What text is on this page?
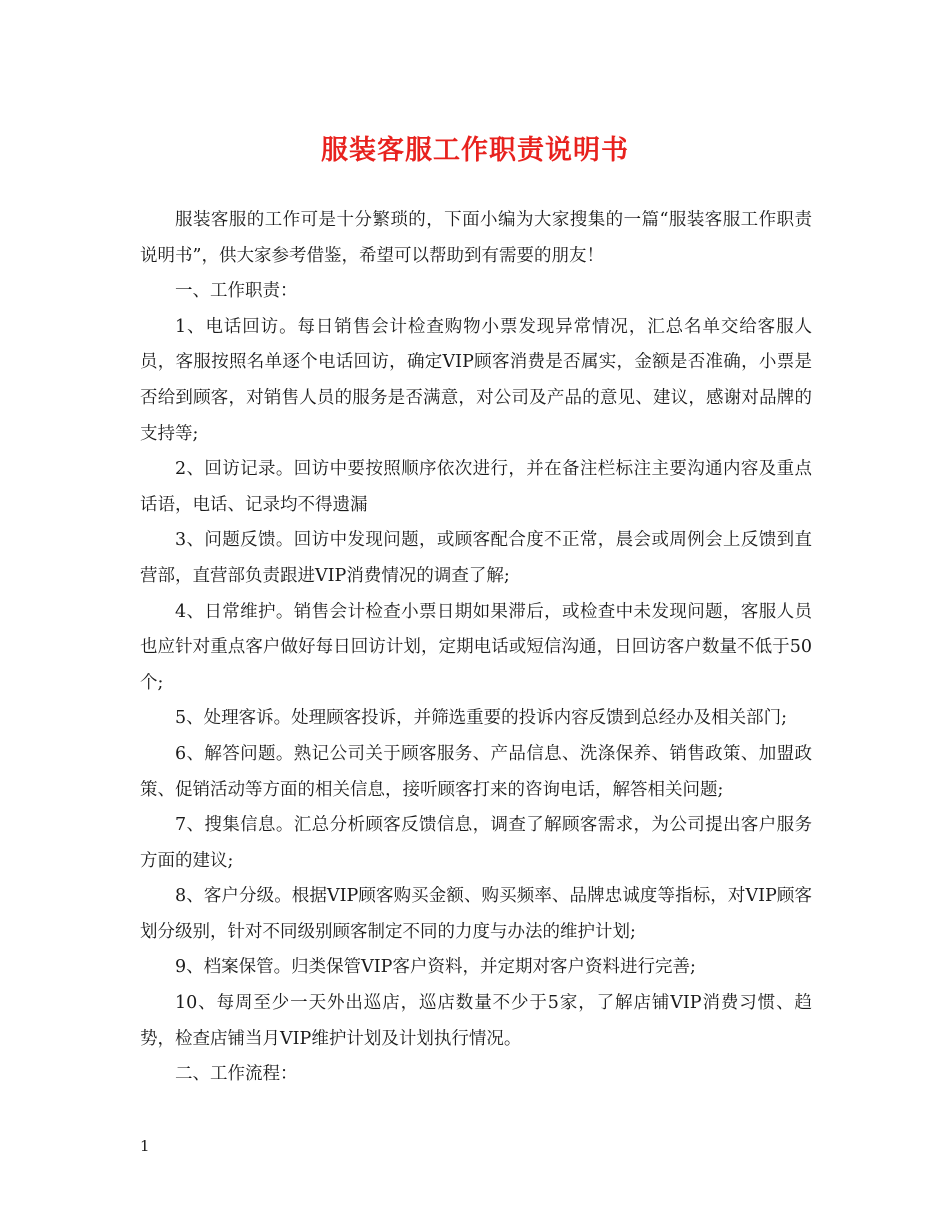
服装客服工作职责说明书

服装客服的工作可是十分繁琐的，下面小编为大家搜集的一篇“服装客服工作职责说明书”，供大家参考借鉴，希望可以帮助到有需要的朋友！

一、工作职责：

1、电话回访。每日销售会计检查购物小票发现异常情况，汇总名单交给客服人员，客服按照名单逐个电话回访，确定VIP顾客消费是否属实，金额是否准确，小票是否给到顾客，对销售人员的服务是否满意，对公司及产品的意见、建议，感谢对品牌的支持等;

2、回访记录。回访中要按照顺序依次进行，并在备注栏标注主要沟通内容及重点话语，电话、记录均不得遗漏

3、问题反馈。回访中发现问题，或顾客配合度不正常，晨会或周例会上反馈到直营部，直营部负责跟进VIP消费情况的调查了解;

4、日常维护。销售会计检查小票日期如果滞后，或检查中未发现问题，客服人员也应针对重点客户做好每日回访计划，定期电话或短信沟通，日回访客户数量不低于50个;

5、处理客诉。处理顾客投诉，并筛选重要的投诉内容反馈到总经办及相关部门;

6、解答问题。熟记公司关于顾客服务、产品信息、洗涤保养、销售政策、加盟政策、促销活动等方面的相关信息，接听顾客打来的咨询电话，解答相关问题;

7、搜集信息。汇总分析顾客反馈信息，调查了解顾客需求，为公司提出客户服务方面的建议;

8、客户分级。根据VIP顾客购买金额、购买频率、品牌忠诚度等指标，对VIP顾客划分级别，针对不同级别顾客制定不同的力度与办法的维护计划;

9、档案保管。归类保管VIP客户资料，并定期对客户资料进行完善;

10、每周至少一天外出巡店，巡店数量不少于5家，了解店铺VIP消费习惯、趋势，检查店铺当月VIP维护计划及计划执行情况。

二、工作流程：

1
